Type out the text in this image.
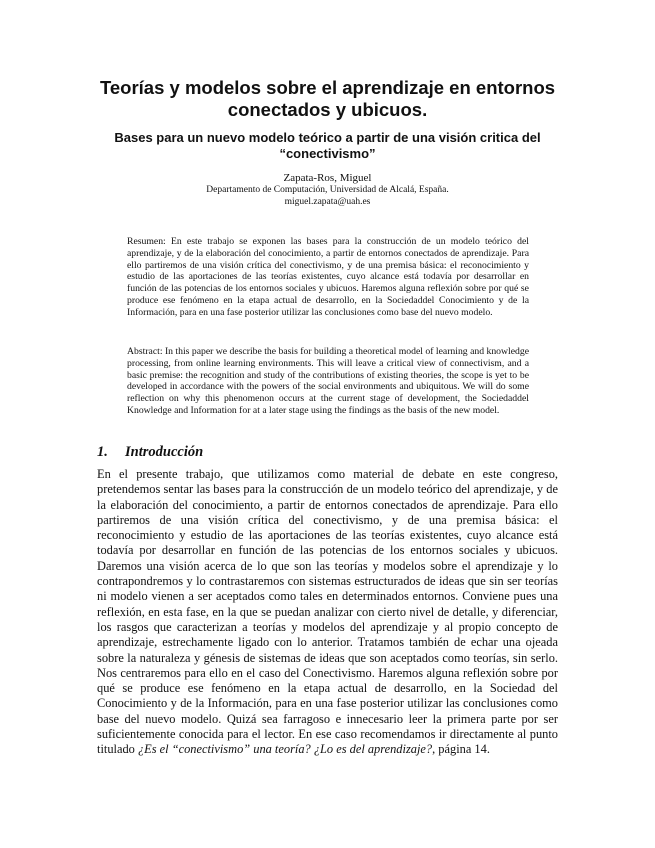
Teorías y modelos sobre el aprendizaje en entornos conectados y ubicuos.
Bases para un nuevo modelo teórico a partir de una visión critica del “conectivismo”
Zapata-Ros, Miguel
Departamento de Computación, Universidad de Alcalá, España.
miguel.zapata@uah.es

Resumen: En este trabajo se exponen las bases para la construcción de un modelo teórico del aprendizaje, y de la elaboración del conocimiento, a partir de entornos conectados de aprendizaje. Para ello partiremos de una visión crítica del conectivismo, y de una premisa básica: el reconocimiento y estudio de las aportaciones de las teorías existentes, cuyo alcance está todavía por desarrollar en función de las potencias de los entornos sociales y ubicuos. Haremos alguna reflexión sobre por qué se produce ese fenómeno en la etapa actual de desarrollo, en la Sociedaddel Conocimiento y de la Información, para en una fase posterior utilizar las conclusiones como base del nuevo modelo.

Abstract: In this paper we describe the basis for building a theoretical model of learning and knowledge processing, from online learning environments. This will leave a critical view of connectivism, and a basic premise: the recognition and study of the contributions of existing theories, the scope is yet to be developed in accordance with the powers of the social environments and ubiquitous. We will do some reflection on why this phenomenon occurs at the current stage of development, the Sociedaddel Knowledge and Information for at a later stage using the findings as the basis of the new model.

1. Introducción

En el presente trabajo, que utilizamos como material de debate en este congreso, pretendemos sentar las bases para la construcción de un modelo teórico del aprendizaje, y de la elaboración del conocimiento, a partir de entornos conectados de aprendizaje. Para ello partiremos de una visión crítica del conectivismo, y de una premisa básica: el reconocimiento y estudio de las aportaciones de las teorías existentes, cuyo alcance está todavía por desarrollar en función de las potencias de los entornos sociales y ubicuos. Daremos una visión acerca de lo que son las teorías y modelos sobre el aprendizaje y lo contrapondremos y lo contrastaremos con sistemas estructurados de ideas que sin ser teorías ni modelo vienen a ser aceptados como tales en determinados entornos. Conviene pues una reflexión, en esta fase, en la que se puedan analizar con cierto nivel de detalle, y diferenciar, los rasgos que caracterizan a teorías y modelos del aprendizaje y al propio concepto de aprendizaje, estrechamente ligado con lo anterior. Tratamos también de echar una ojeada sobre la naturaleza y génesis de sistemas de ideas que son aceptados como teorías, sin serlo. Nos centraremos para ello en el caso del Conectivismo. Haremos alguna reflexión sobre por qué se produce ese fenómeno en la etapa actual de desarrollo, en la Sociedad del Conocimiento y de la Información, para en una fase posterior utilizar las conclusiones como base del nuevo modelo. Quizá sea farragoso e innecesario leer la primera parte por ser suficientemente conocida para el lector. En ese caso recomendamos ir directamente al punto titulado ¿Es el “conectivismo” una teoría? ¿Lo es del aprendizaje?, página 14.
